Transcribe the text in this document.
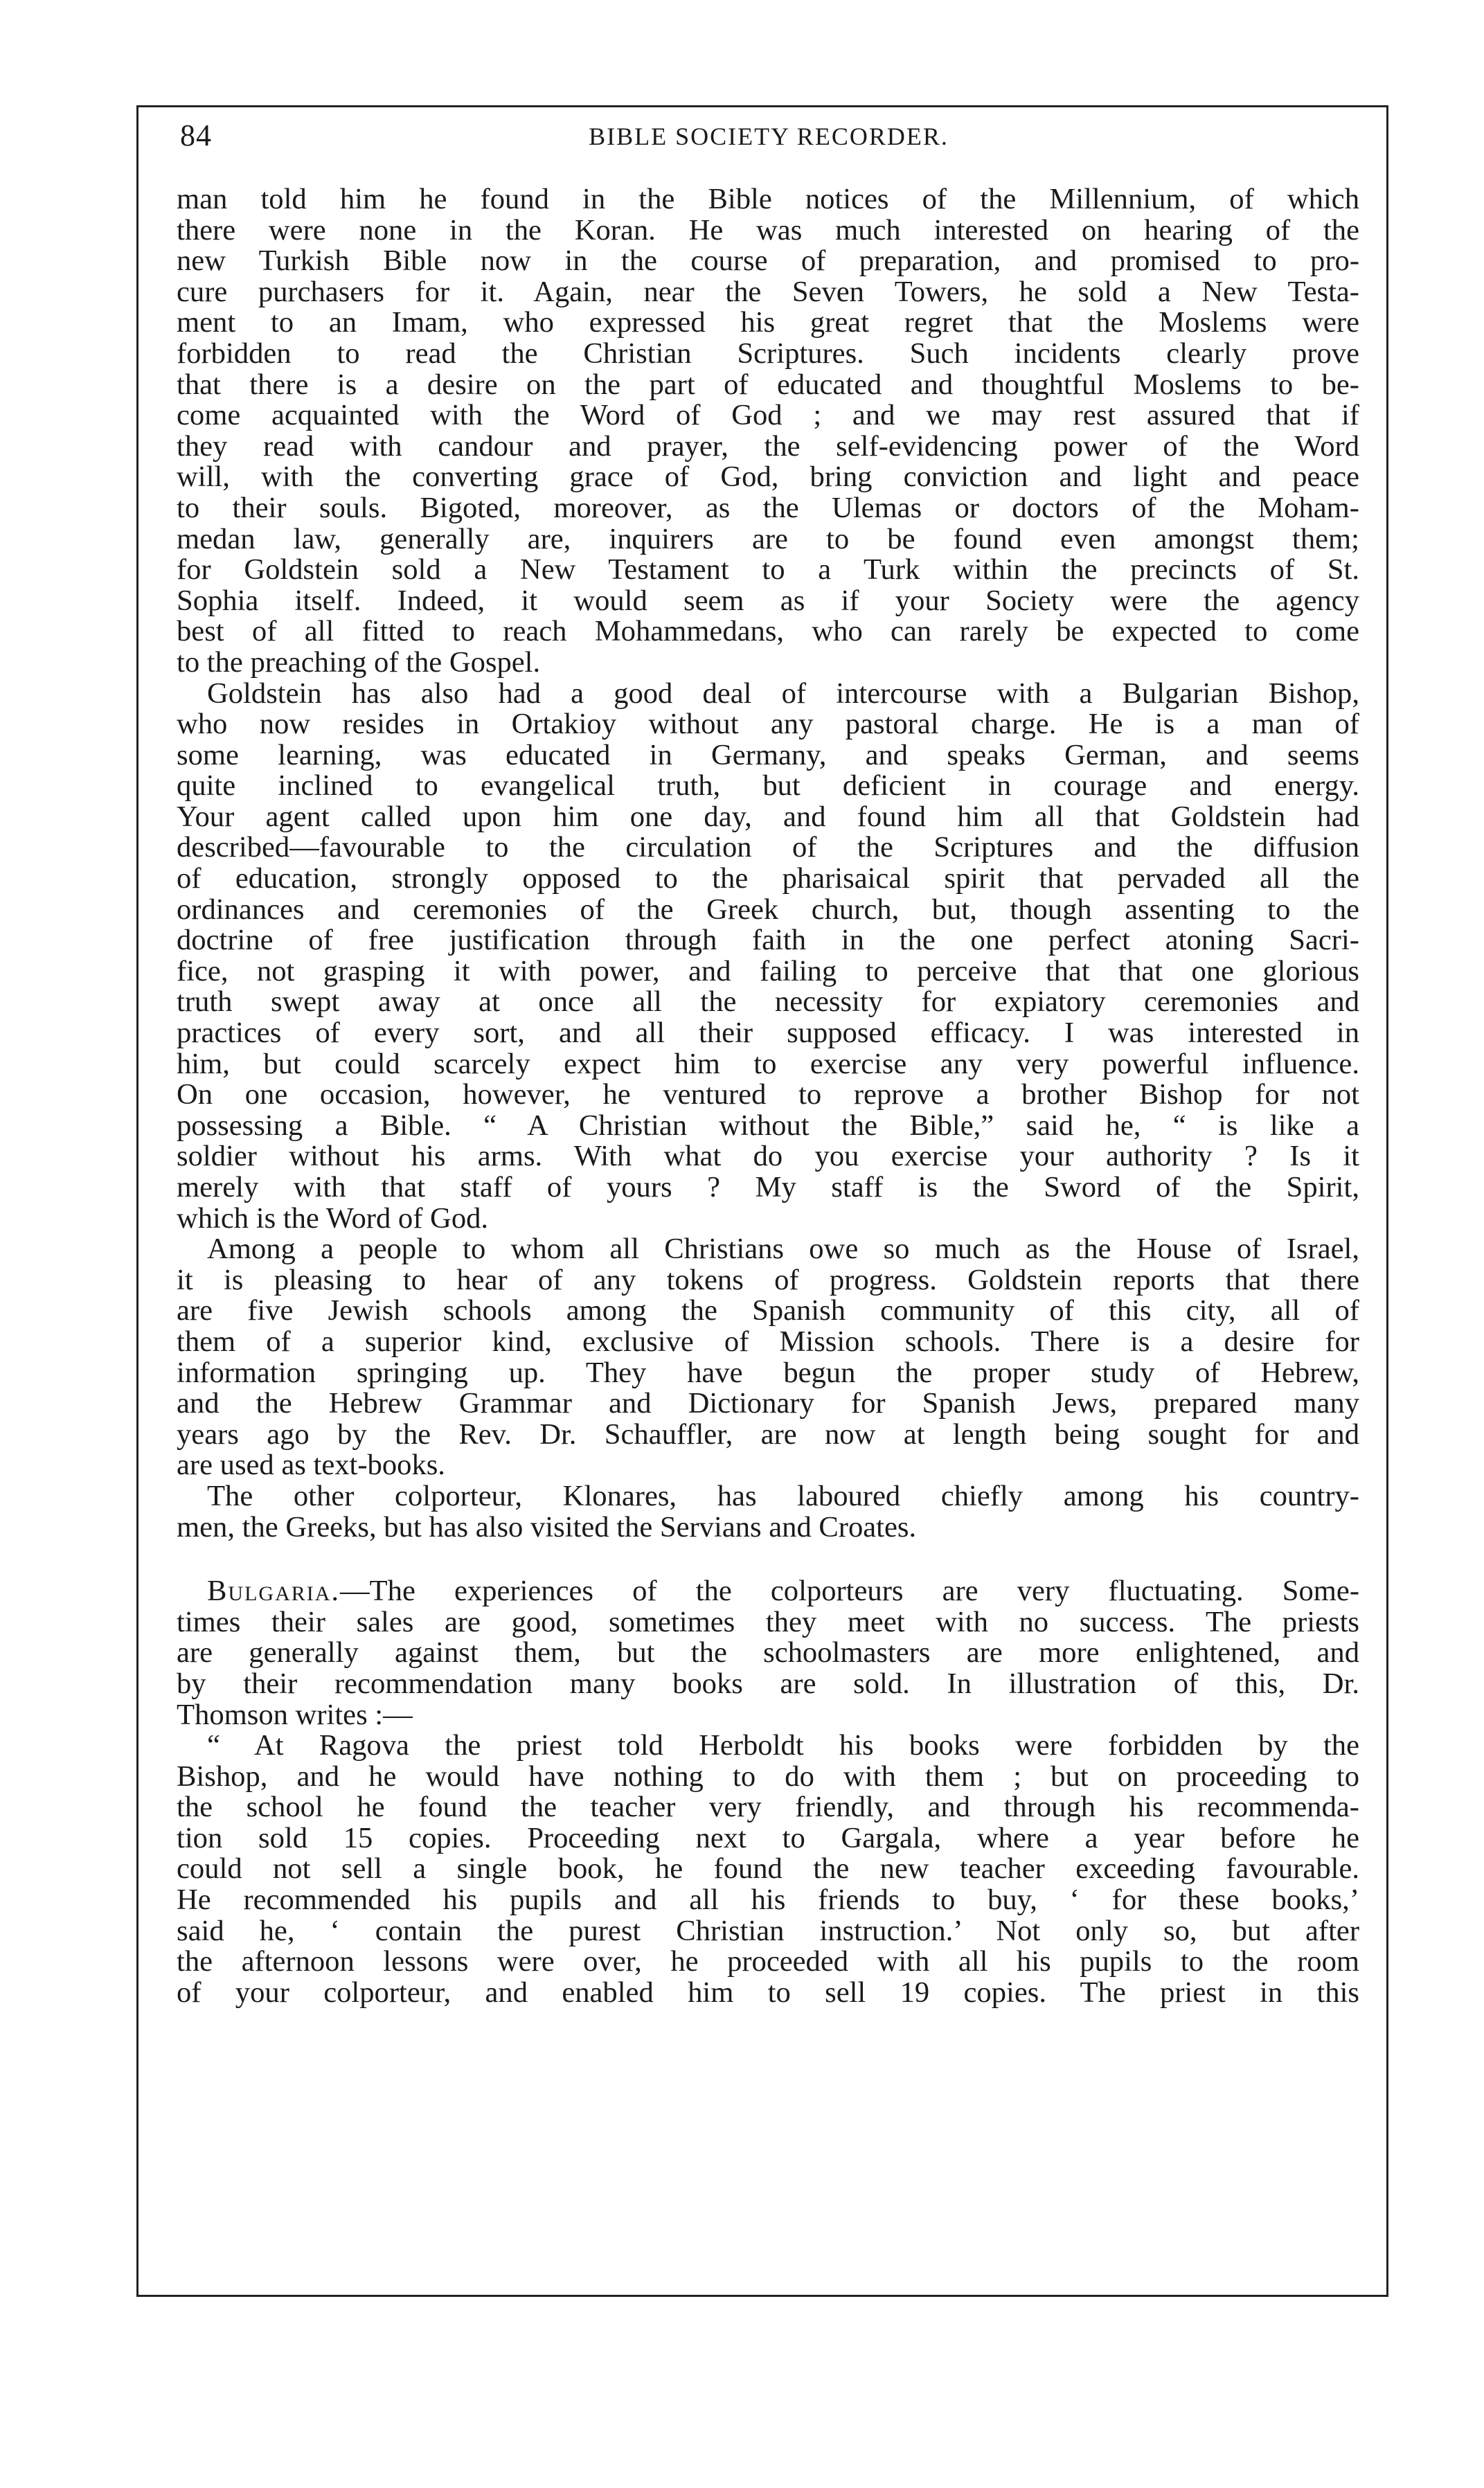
84	BIBLE SOCIETY RECORDER.
man told him he found in the Bible notices of the Millennium, of which
there were none in the Koran. He was much interested on hearing of the
new Turkish Bible now in the course of preparation, and promised to pro-
cure purchasers for it. Again, near the Seven Towers, he sold a New Testa-
ment to an Imam, who expressed his great regret that the Moslems were
forbidden to read the Christian Scriptures. Such incidents clearly prove
that there is a desire on the part of educated and thoughtful Moslems to be-
come acquainted with the Word of God ; and we may rest assured that if
they read with candour and prayer, the self-evidencing power of the Word
will, with the converting grace of God, bring conviction and light and peace
to their souls. Bigoted, moreover, as the Ulemas or doctors of the Moham-
medan law, generally are, inquirers are to be found even amongst them;
for Goldstein sold a New Testament to a Turk within the precincts of St.
Sophia itself. Indeed, it would seem as if your Society were the agency
best of all fitted to reach Mohammedans, who can rarely be expected to come
to the preaching of the Gospel.
Goldstein has also had a good deal of intercourse with a Bulgarian Bishop,
who now resides in Ortakioy without any pastoral charge. He is a man of
some learning, was educated in Germany, and speaks German, and seems
quite inclined to evangelical truth, but deficient in courage and energy.
Your agent called upon him one day, and found him all that Goldstein had
described—favourable to the circulation of the Scriptures and the diffusion
of education, strongly opposed to the pharisaical spirit that pervaded all the
ordinances and ceremonies of the Greek church, but, though assenting to the
doctrine of free justification through faith in the one perfect atoning Sacri-
fice, not grasping it with power, and failing to perceive that that one glorious
truth swept away at once all the necessity for expiatory ceremonies and
practices of every sort, and all their supposed efficacy. I was interested in
him, but could scarcely expect him to exercise any very powerful influence.
On one occasion, however, he ventured to reprove a brother Bishop for not
possessing a Bible. “ A Christian without the Bible,” said he, “ is like a
soldier without his arms. With what do you exercise your authority ? Is it
merely with that staff of yours ? My staff is the Sword of the Spirit,
which is the Word of God.
Among a people to whom all Christians owe so much as the House of Israel,
it is pleasing to hear of any tokens of progress. Goldstein reports that there
are five Jewish schools among the Spanish community of this city, all of
them of a superior kind, exclusive of Mission schools. There is a desire for
information springing up. They have begun the proper study of Hebrew,
and the Hebrew Grammar and Dictionary for Spanish Jews, prepared many
years ago by the Rev. Dr. Schauffler, are now at length being sought for and
are used as text-books.
The other colporteur, Klonares, has laboured chiefly among his country-
men, the Greeks, but has also visited the Servians and Croates.
Bulgaria.—The experiences of the colporteurs are very fluctuating. Some-
times their sales are good, sometimes they meet with no success. The priests
are generally against them, but the schoolmasters are more enlightened, and
by their recommendation many books are sold. In illustration of this, Dr.
Thomson writes :—
“ At Ragova the priest told Herboldt his books were forbidden by the
Bishop, and he would have nothing to do with them ; but on proceeding to
the school he found the teacher very friendly, and through his recommenda-
tion sold 15 copies. Proceeding next to Gargala, where a year before he
could not sell a single book, he found the new teacher exceeding favourable.
He recommended his pupils and all his friends to buy, ‘ for these books,’
said he, ‘ contain the purest Christian instruction.’ Not only so, but after
the afternoon lessons were over, he proceeded with all his pupils to the room
of your colporteur, and enabled him to sell 19 copies. The priest in this
